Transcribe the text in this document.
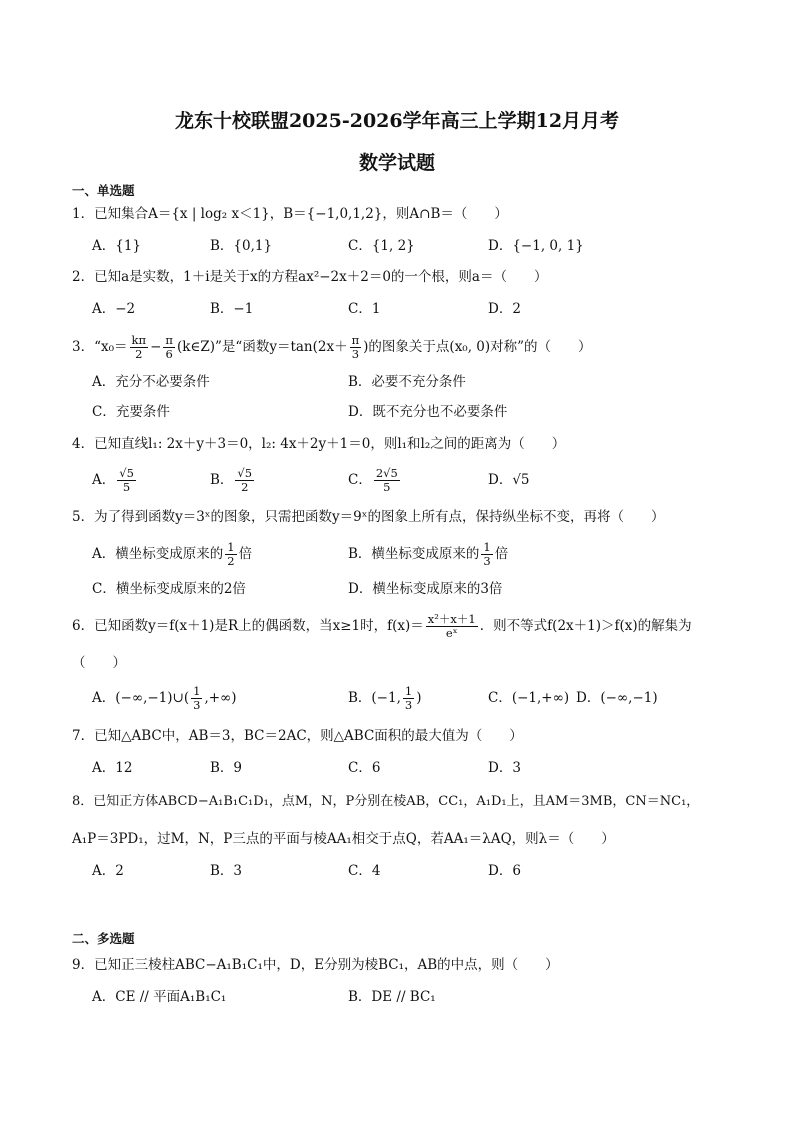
龙东十校联盟2025-2026学年高三上学期12月月考
数学试题
一、单选题
1．已知集合A＝{x | log₂ x＜1}，B＝{−1,0,1,2}，则A∩B＝（　　）
A．{1}	B．{0,1}	C．{1, 2}	D．{−1, 0, 1}
2．已知a是实数，1＋i是关于x的方程ax²−2x＋2＝0的一个根，则a＝（　　）
A．−2	B．−1	C．1	D．2
3．“$x_0= \frac{k\pi}{2} - \frac{\pi}{6}$ (k∈Z)”是“函数$y=\tan(2x+ \frac{\pi}{3}$ )的图象关于点(x₀, 0)对称”的（　　）
A．充分不必要条件	B．必要不充分条件
C．充要条件	D．既不充分也不必要条件
4．已知直线l₁: 2x＋y＋3＝0，l₂: 4x＋2y＋1＝0，则l₁和l₂之间的距离为（　　）
A． $\frac{√5}{5}$	B． $\frac{√5}{2}$	C． $\frac{2√5}{5}$	D．√5
5．为了得到函数y＝3ˣ的图象，只需把函数y＝9ˣ的图象上所有点，保持纵坐标不变，再将（　　）
A．横坐标变成原来的 $\frac{1}{2}$ 倍	B．横坐标变成原来的 $\frac{1}{3}$ 倍
C．横坐标变成原来的2倍	D．横坐标变成原来的3倍
6．已知函数y＝f(x＋1)是R上的偶函数，当x≥1时，$f(x)= \frac{\text{x²＋x＋1}}{\text{eˣ}}$ ．则不等式f(2x＋1)＞f(x)的解集为
（　　）
A．(−∞,−1)∪( $\frac{1}{3}$ ,+∞)	B．(−1, $\frac{1}{3}$ )	C．(−1,+∞) D．(−∞,−1)
7．已知△ABC中，AB＝3，BC＝2AC，则△ABC面积的最大值为（　　）
A．12	B．9	C．6	D．3
8．已知正方体ABCD−A₁B₁C₁D₁，点M，N，P分别在棱AB，CC₁，A₁D₁上，且AM＝3MB，CN＝NC₁，
A₁P＝3PD₁，过M，N，P三点的平面与棱AA₁相交于点Q，若AA₁＝λAQ，则λ＝（　　）
A．2	B．3	C．4	D．6
二、多选题
9．已知正三棱柱ABC−A₁B₁C₁中，D，E分别为棱BC₁，AB的中点，则（　　）
A．CE // 平面A₁B₁C₁	B．DE // BC₁
